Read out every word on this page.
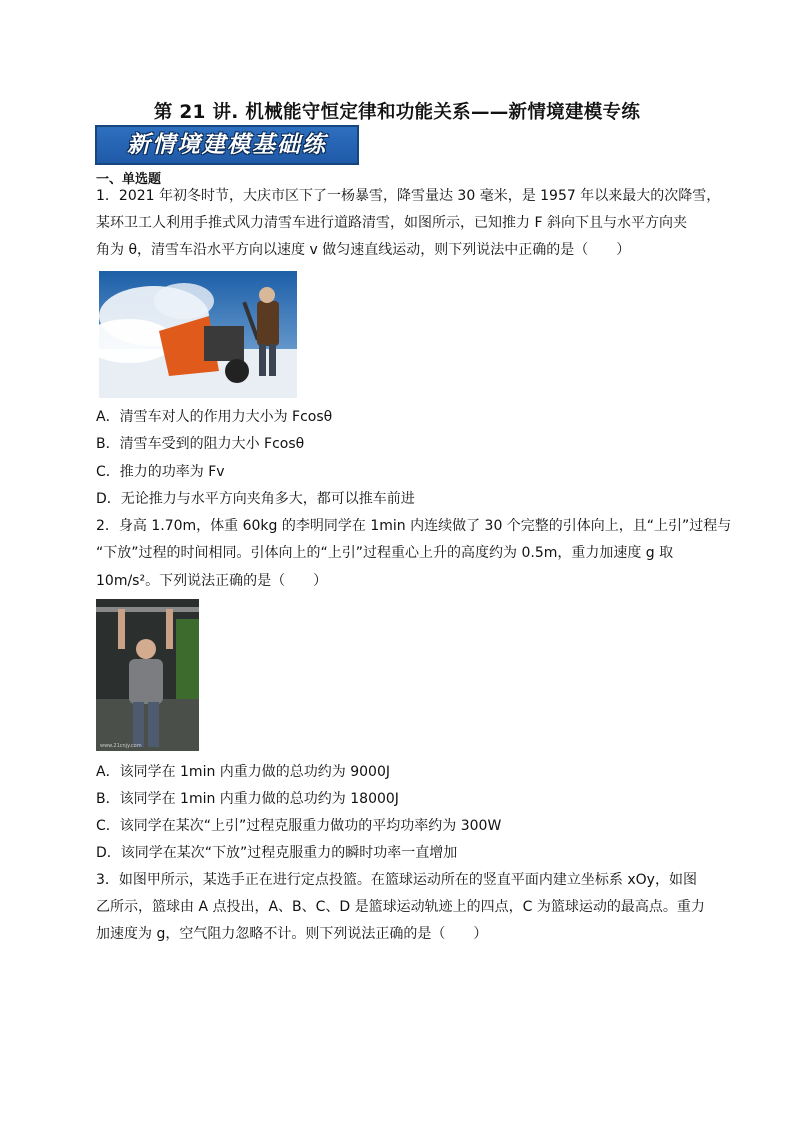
第 21 讲. 机械能守恒定律和功能关系——新情境建模专练
新情境建模基础练
一、单选题
1．2021 年初冬时节，大庆市区下了一杨暴雪，降雪量达 30 毫米，是 1957 年以来最大的次降雪，
某环卫工人利用手推式风力清雪车进行道路清雪，如图所示，已知推力 F 斜向下且与水平方向夹
角为 θ，清雪车沿水平方向以速度 v 做匀速直线运动，则下列说法中正确的是（　　）
A．清雪车对人的作用力大小为 Fcosθ
B．清雪车受到的阻力大小 Fcosθ
C．推力的功率为 Fv
D．无论推力与水平方向夹角多大，都可以推车前进
2．身高 1.70m，体重 60kg 的李明同学在 1min 内连续做了 30 个完整的引体向上，且“上引”过程与
“下放”过程的时间相同。引体向上的“上引”过程重心上升的高度约为 0.5m，重力加速度 g 取
10m/s²。下列说法正确的是（　　）
www.21cnjy.com
A．该同学在 1min 内重力做的总功约为 9000J
B．该同学在 1min 内重力做的总功约为 18000J
C．该同学在某次“上引”过程克服重力做功的平均功率约为 300W
D．该同学在某次“下放”过程克服重力的瞬时功率一直增加
3．如图甲所示，某选手正在进行定点投篮。在篮球运动所在的竖直平面内建立坐标系 xOy，如图
乙所示，篮球由 A 点投出，A、B、C、D 是篮球运动轨迹上的四点，C 为篮球运动的最高点。重力
加速度为 g，空气阻力忽略不计。则下列说法正确的是（　　）
